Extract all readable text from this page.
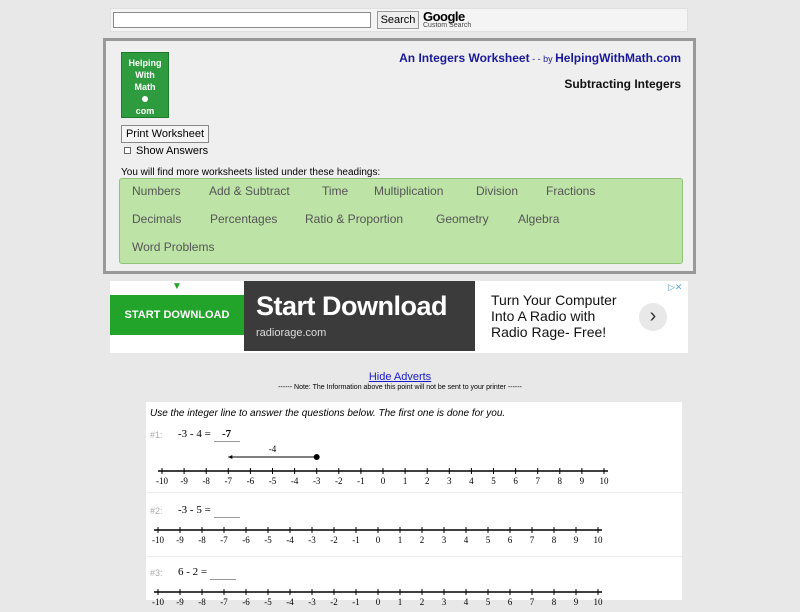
Search Google
Custom Search
Helping
With
Math
com
An Integers Worksheet - - by HelpingWithMath.com
Subtracting Integers
Print Worksheet
Show Answers
You will find more worksheets listed under these headings:
Numbers Add & Subtract	Time Multiplication	Division Fractions
Decimals Percentages Ratio & Proportion	Geometry Algebra
Word Problems
▼
START DOWNLOAD Start Download
radiorage.com
Turn Your Computer
Into A Radio with
Radio Rage- Free!
›
▷✕
Hide Adverts
------ Note: The Information above this point will not be sent to your printer ------
Use the integer line to answer the questions below. The first one is done for you.
#1: -3 - 4 = -7
-10 -9 -8 -7 -6 -5 -4 -3 -2 -1 0 1 2 3 4 5 6 7 8 9 10
-4
#2: -3 - 5 =
-10 -9 -8 -7 -6 -5 -4 -3 -2 -1 0 1 2 3 4 5 6 7 8 9 10
#3: 6 - 2 =
-10 -9 -8 -7 -6 -5 -4 -3 -2 -1 0 1 2 3 4 5 6 7 8 9 10
